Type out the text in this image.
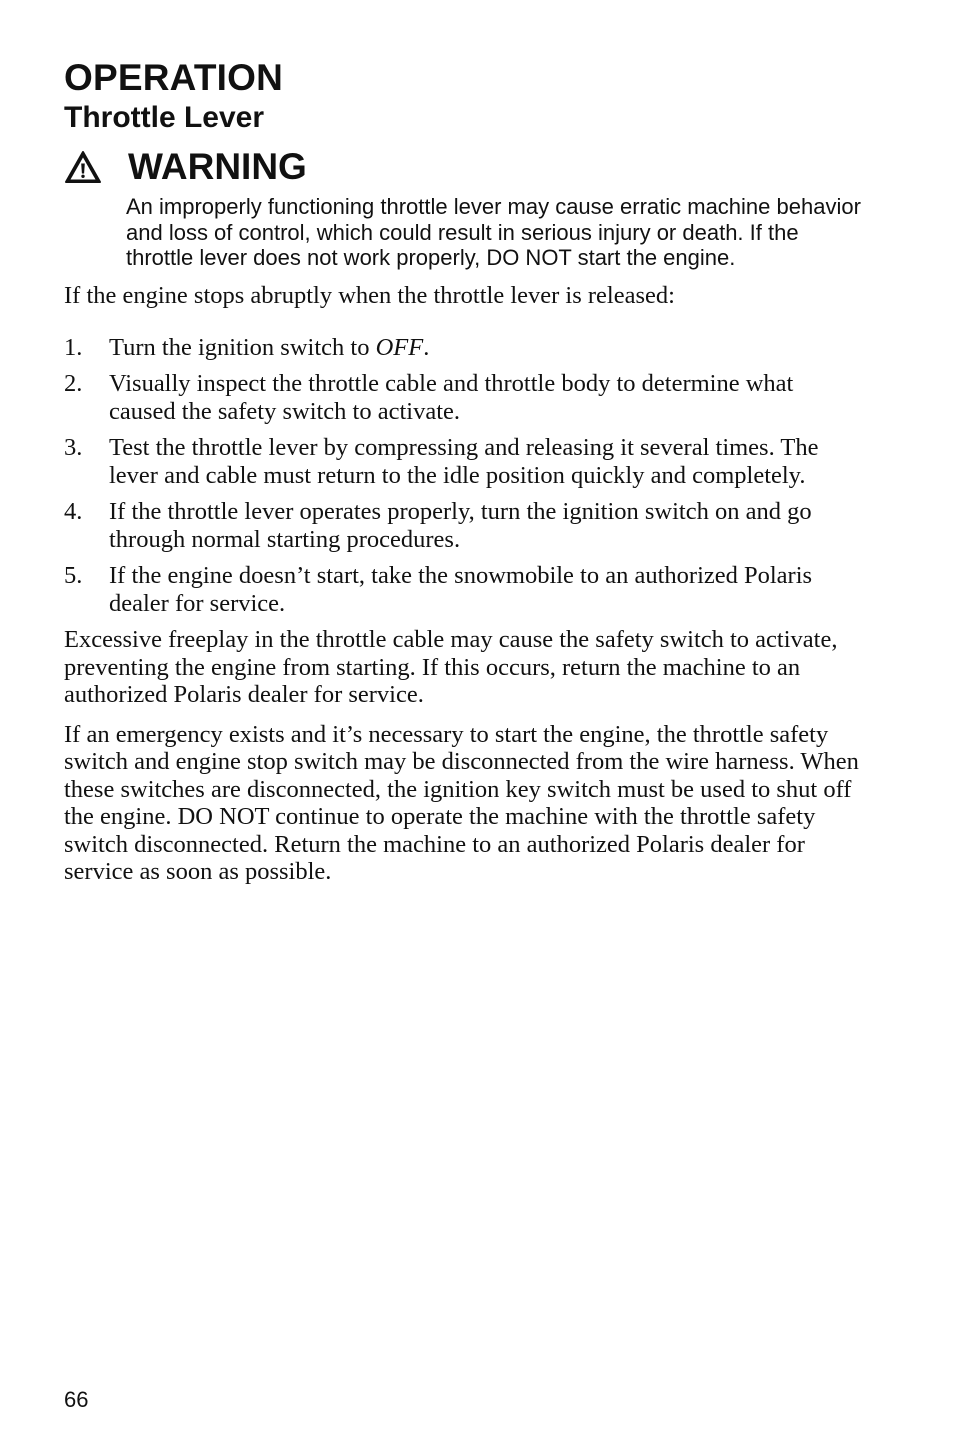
OPERATION
Throttle Lever
WARNING

An improperly functioning throttle lever may cause erratic machine behavior and loss of control, which could result in serious injury or death. If the throttle lever does not work properly, DO NOT start the engine.

If the engine stops abruptly when the throttle lever is released:

1.	Turn the ignition switch to OFF.
2.	Visually inspect the throttle cable and throttle body to determine what caused the safety switch to activate.
3.	Test the throttle lever by compressing and releasing it several times. The lever and cable must return to the idle position quickly and completely.
4.	If the throttle lever operates properly, turn the ignition switch on and go through normal starting procedures.
5.	If the engine doesn’t start, take the snowmobile to an authorized Polaris dealer for service.

Excessive freeplay in the throttle cable may cause the safety switch to activate, preventing the engine from starting. If this occurs, return the machine to an authorized Polaris dealer for service.

If an emergency exists and it’s necessary to start the engine, the throttle safety switch and engine stop switch may be disconnected from the wire harness. When these switches are disconnected, the ignition key switch must be used to shut off the engine. DO NOT continue to operate the machine with the throttle safety switch disconnected. Return the machine to an authorized Polaris dealer for service as soon as possible.

66
